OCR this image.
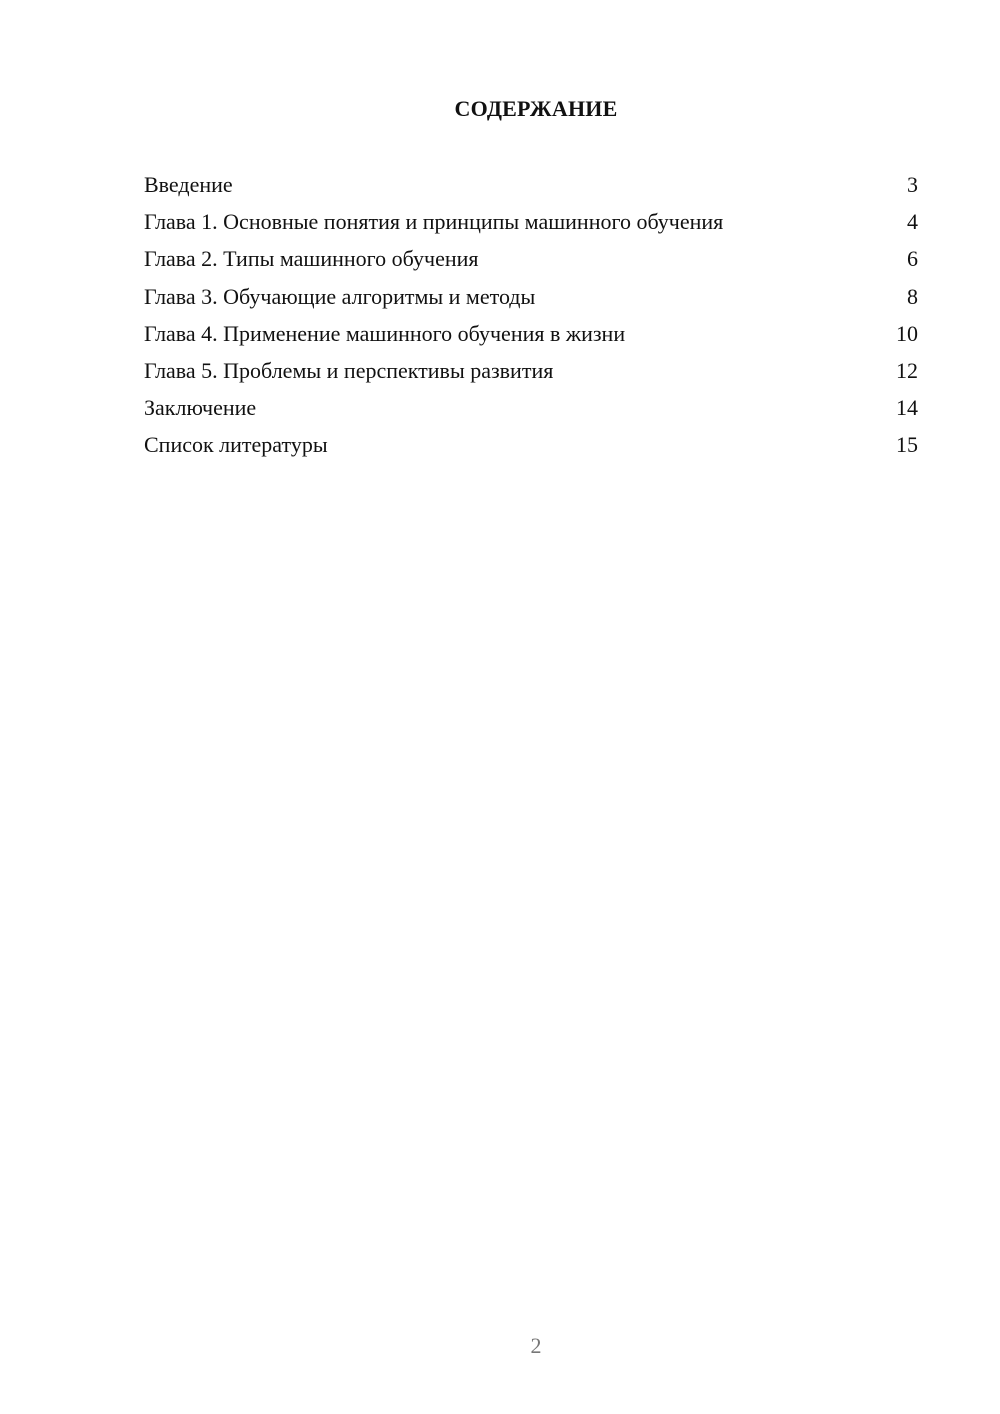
СОДЕРЖАНИЕ
Введение	3
Глава 1. Основные понятия и принципы машинного обучения	4
Глава 2. Типы машинного обучения	6
Глава 3. Обучающие алгоритмы и методы	8
Глава 4. Применение машинного обучения в жизни	10
Глава 5. Проблемы и перспективы развития	12
Заключение	14
Список литературы	15
2
